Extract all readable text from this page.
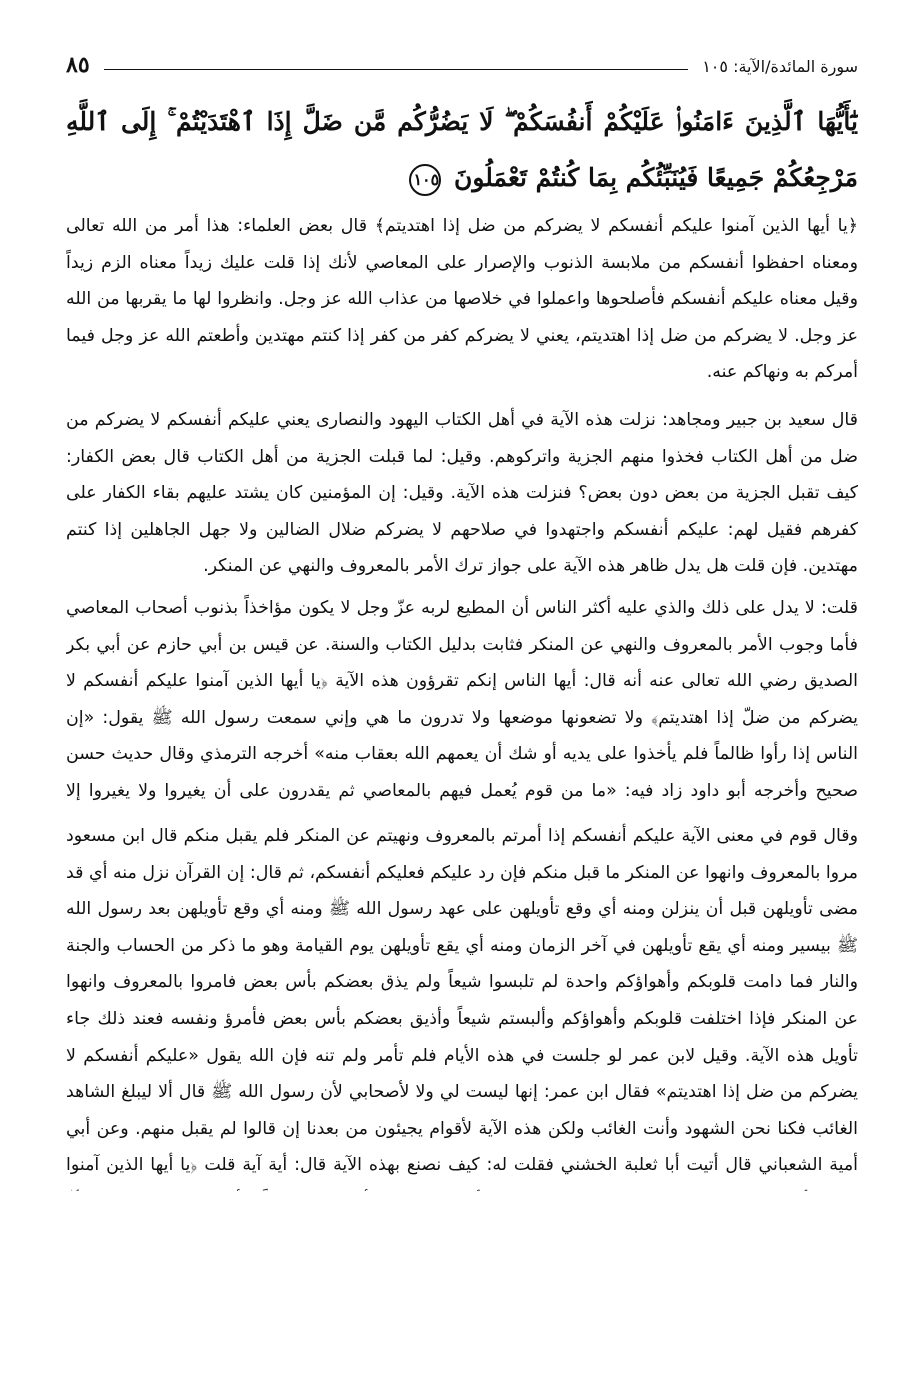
سورة المائدة/الآية: ١٠٥
٨٥
يَٰٓأَيُّهَا ٱلَّذِينَ ءَامَنُوا۟ عَلَيْكُمْ أَنفُسَكُمْ ۖ لَا يَضُرُّكُم مَّن ضَلَّ إِذَا ٱهْتَدَيْتُمْ ۚ إِلَى ٱللَّهِ مَرْجِعُكُمْ جَمِيعًا فَيُنَبِّئُكُم بِمَا كُنتُمْ تَعْمَلُونَ ١٠٥

﴿يا أيها الذين آمنوا عليكم أنفسكم لا يضركم من ضل إذا اهتديتم﴾ قال بعض العلماء: هذا أمر من الله تعالى ومعناه احفظوا أنفسكم من ملابسة الذنوب والإصرار على المعاصي لأنك إذا قلت عليك زيداً معناه الزم زيداً وقيل معناه عليكم أنفسكم فأصلحوها واعملوا في خلاصها من عذاب الله عز وجل. وانظروا لها ما يقربها من الله عز وجل. لا يضركم من ضل إذا اهتديتم، يعني لا يضركم كفر من كفر إذا كنتم مهتدين وأطعتم الله عز وجل فيما أمركم به ونهاكم عنه.

قال سعيد بن جبير ومجاهد: نزلت هذه الآية في أهل الكتاب اليهود والنصارى يعني عليكم أنفسكم لا يضركم من ضل من أهل الكتاب فخذوا منهم الجزية واتركوهم. وقيل: لما قبلت الجزية من أهل الكتاب قال بعض الكفار: كيف تقبل الجزية من بعض دون بعض؟ فنزلت هذه الآية. وقيل: إن المؤمنين كان يشتد عليهم بقاء الكفار على كفرهم فقيل لهم: عليكم أنفسكم واجتهدوا في صلاحهم لا يضركم ضلال الضالين ولا جهل الجاهلين إذا كنتم مهتدين. فإن قلت هل يدل ظاهر هذه الآية على جواز ترك الأمر بالمعروف والنهي عن المنكر.

قلت: لا يدل على ذلك والذي عليه أكثر الناس أن المطيع لربه عزّ وجل لا يكون مؤاخذاً بذنوب أصحاب المعاصي فأما وجوب الأمر بالمعروف والنهي عن المنكر فثابت بدليل الكتاب والسنة. عن قيس بن أبي حازم عن أبي بكر الصديق رضي الله تعالى عنه أنه قال: أيها الناس إنكم تقرؤون هذه الآية ﴿يا أيها الذين آمنوا عليكم أنفسكم لا يضركم من ضلّ إذا اهتديتم﴾ ولا تضعونها موضعها ولا تدرون ما هي وإني سمعت رسول الله ﷺ يقول: «إن الناس إذا رأوا ظالماً فلم يأخذوا على يديه أو شك أن يعمهم الله بعقاب منه» أخرجه الترمذي وقال حديث حسن صحيح وأخرجه أبو داود زاد فيه: «ما من قوم يُعمل فيهم بالمعاصي ثم يقدرون على أن يغيروا ولا يغيروا إلا

وقال قوم في معنى الآية عليكم أنفسكم إذا أمرتم بالمعروف ونهيتم عن المنكر فلم يقبل منكم قال ابن مسعود مروا بالمعروف وانهوا عن المنكر ما قبل منكم فإن رد عليكم فعليكم أنفسكم، ثم قال: إن القرآن نزل منه أي قد مضى تأويلهن قبل أن ينزلن ومنه أي وقع تأويلهن على عهد رسول الله ﷺ ومنه أي وقع تأويلهن بعد رسول الله ﷺ بيسير ومنه أي يقع تأويلهن في آخر الزمان ومنه أي يقع تأويلهن يوم القيامة وهو ما ذكر من الحساب والجنة والنار فما دامت قلوبكم وأهواؤكم واحدة لم تلبسوا شيعاً ولم يذق بعضكم بأس بعض فامروا بالمعروف وانهوا عن المنكر فإذا اختلفت قلوبكم وأهواؤكم وألبستم شيعاً وأذيق بعضكم بأس بعض فأمرؤ ونفسه فعند ذلك جاء تأويل هذه الآية. وقيل لابن عمر لو جلست في هذه الأيام فلم تأمر ولم تنه فإن الله يقول «عليكم أنفسكم لا يضركم من ضل إذا اهتديتم» فقال ابن عمر: إنها ليست لي ولا لأصحابي لأن رسول الله ﷺ قال ألا ليبلغ الشاهد الغائب فكنا نحن الشهود وأنت الغائب ولكن هذه الآية لأقوام يجيئون من بعدنا إن قالوا لم يقبل منهم. وعن أبي أمية الشعباني قال أتيت أبا ثعلبة الخشني فقلت له: كيف نصنع بهذه الآية قال: أية آية قلت ﴿يا أيها الذين آمنوا
